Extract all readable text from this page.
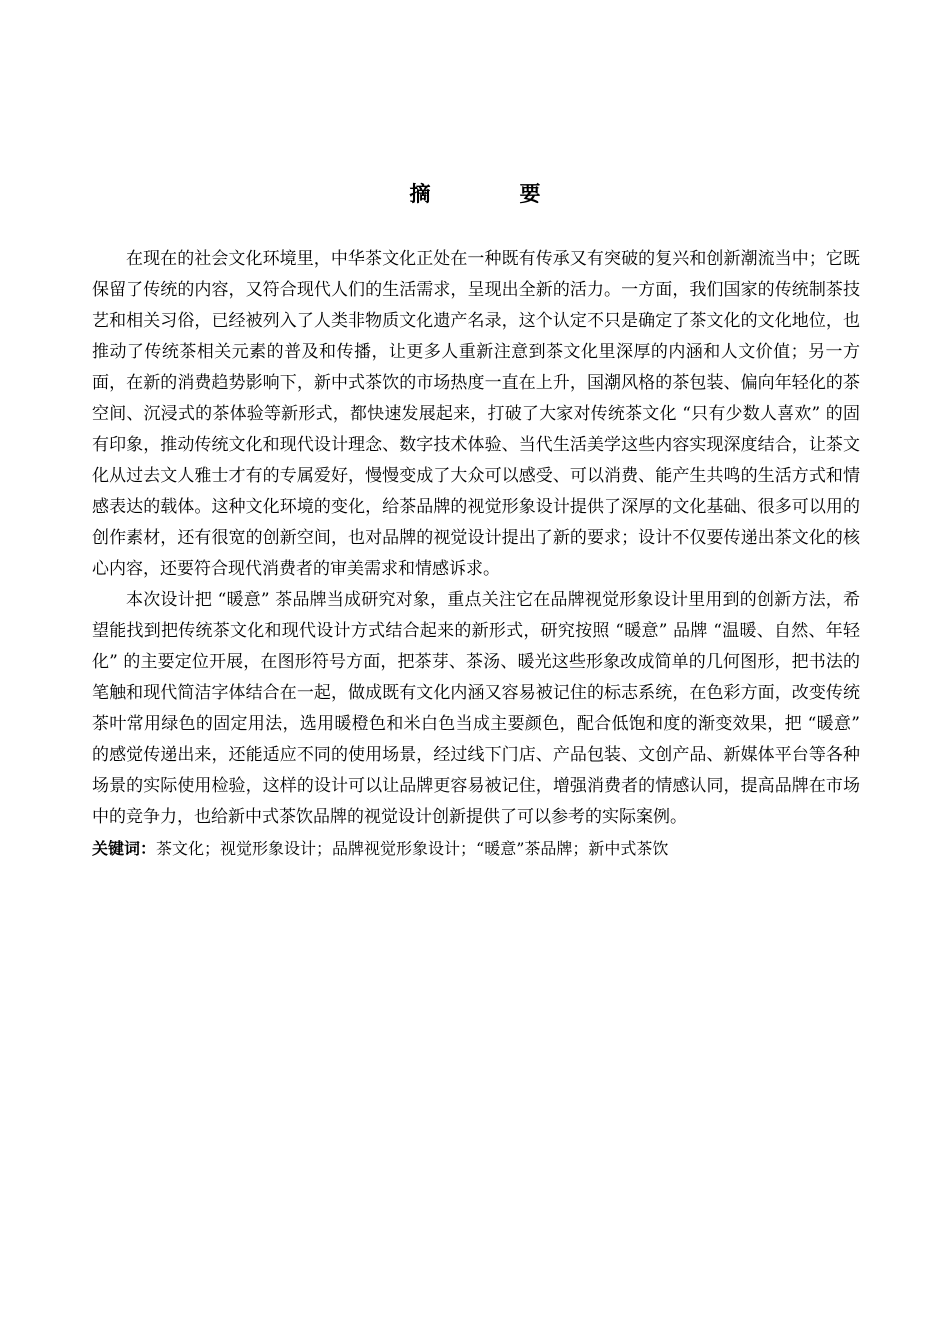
摘　要

在现在的社会文化环境里，中华茶文化正处在一种既有传承又有突破的复兴和创新潮流当中；它既保留了传统的内容，又符合现代人们的生活需求，呈现出全新的活力。一方面，我们国家的传统制茶技艺和相关习俗，已经被列入了人类非物质文化遗产名录，这个认定不只是确定了茶文化的文化地位，也推动了传统茶相关元素的普及和传播，让更多人重新注意到茶文化里深厚的内涵和人文价值；另一方面，在新的消费趋势影响下，新中式茶饮的市场热度一直在上升，国潮风格的茶包装、偏向年轻化的茶空间、沉浸式的茶体验等新形式，都快速发展起来，打破了大家对传统茶文化 “只有少数人喜欢” 的固有印象，推动传统文化和现代设计理念、数字技术体验、当代生活美学这些内容实现深度结合，让茶文化从过去文人雅士才有的专属爱好，慢慢变成了大众可以感受、可以消费、能产生共鸣的生活方式和情感表达的载体。这种文化环境的变化，给茶品牌的视觉形象设计提供了深厚的文化基础、很多可以用的创作素材，还有很宽的创新空间，也对品牌的视觉设计提出了新的要求；设计不仅要传递出茶文化的核心内容，还要符合现代消费者的审美需求和情感诉求。

本次设计把 “暖意” 茶品牌当成研究对象，重点关注它在品牌视觉形象设计里用到的创新方法，希望能找到把传统茶文化和现代设计方式结合起来的新形式，研究按照 “暖意” 品牌 “温暖、自然、年轻化” 的主要定位开展，在图形符号方面，把茶芽、茶汤、暖光这些形象改成简单的几何图形，把书法的笔触和现代简洁字体结合在一起，做成既有文化内涵又容易被记住的标志系统，在色彩方面，改变传统茶叶常用绿色的固定用法，选用暖橙色和米白色当成主要颜色，配合低饱和度的渐变效果，把 “暖意” 的感觉传递出来，还能适应不同的使用场景，经过线下门店、产品包装、文创产品、新媒体平台等各种场景的实际使用检验，这样的设计可以让品牌更容易被记住，增强消费者的情感认同，提高品牌在市场中的竞争力，也给新中式茶饮品牌的视觉设计创新提供了可以参考的实际案例。

关键词：茶文化；视觉形象设计；品牌视觉形象设计；“暖意”茶品牌；新中式茶饮
